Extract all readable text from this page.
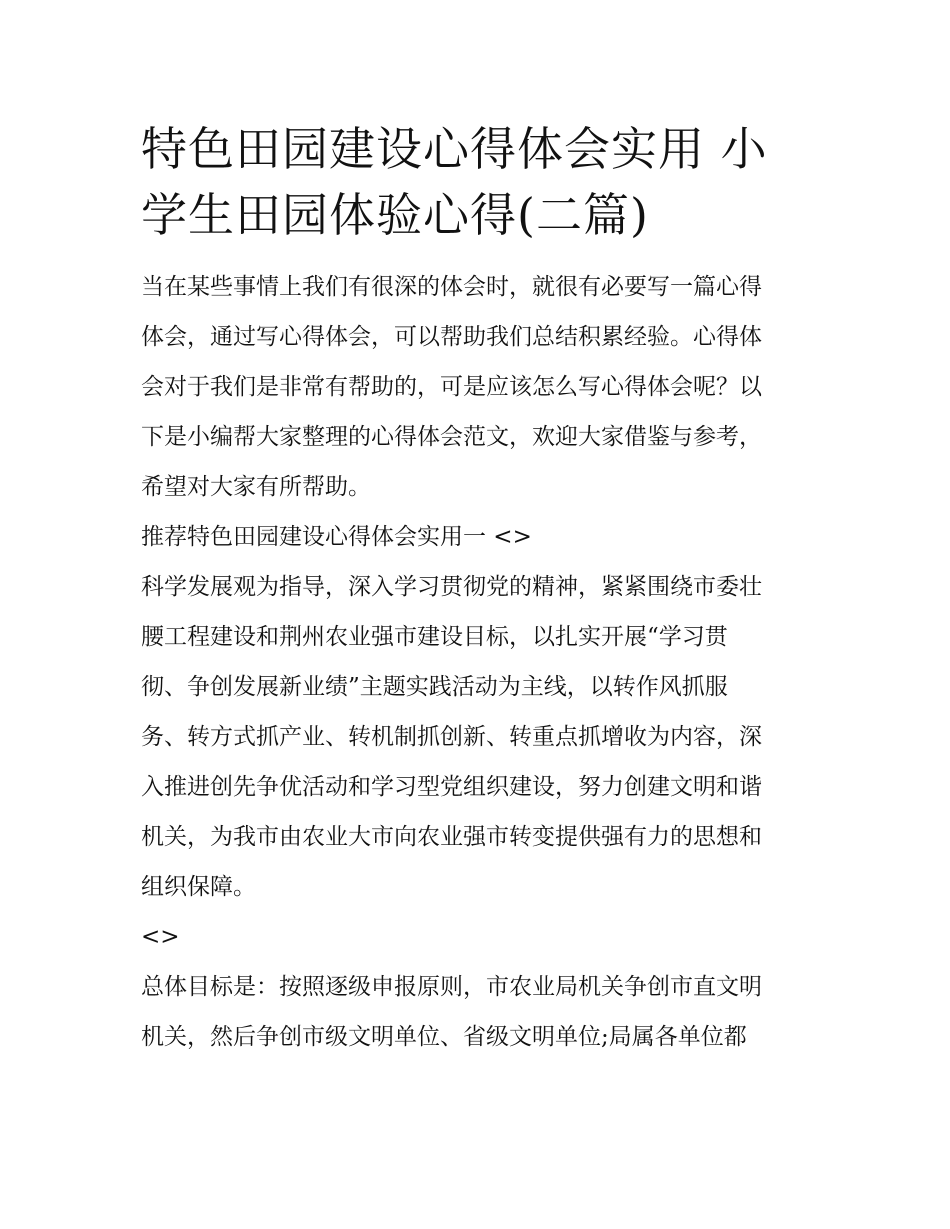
特色田园建设心得体会实用 小
学生田园体验心得(二篇)
当在某些事情上我们有很深的体会时，就很有必要写一篇心得
体会，通过写心得体会，可以帮助我们总结积累经验。心得体
会对于我们是非常有帮助的，可是应该怎么写心得体会呢？以
下是小编帮大家整理的心得体会范文，欢迎大家借鉴与参考，
希望对大家有所帮助。
推荐特色田园建设心得体会实用一 <>
科学发展观为指导，深入学习贯彻党的精神，紧紧围绕市委壮
腰工程建设和荆州农业强市建设目标，以扎实开展“学习贯
彻、争创发展新业绩”主题实践活动为主线，以转作风抓服
务、转方式抓产业、转机制抓创新、转重点抓增收为内容，深
入推进创先争优活动和学习型党组织建设，努力创建文明和谐
机关，为我市由农业大市向农业强市转变提供强有力的思想和
组织保障。
<>
总体目标是：按照逐级申报原则，市农业局机关争创市直文明
机关，然后争创市级文明单位、省级文明单位;局属各单位都
